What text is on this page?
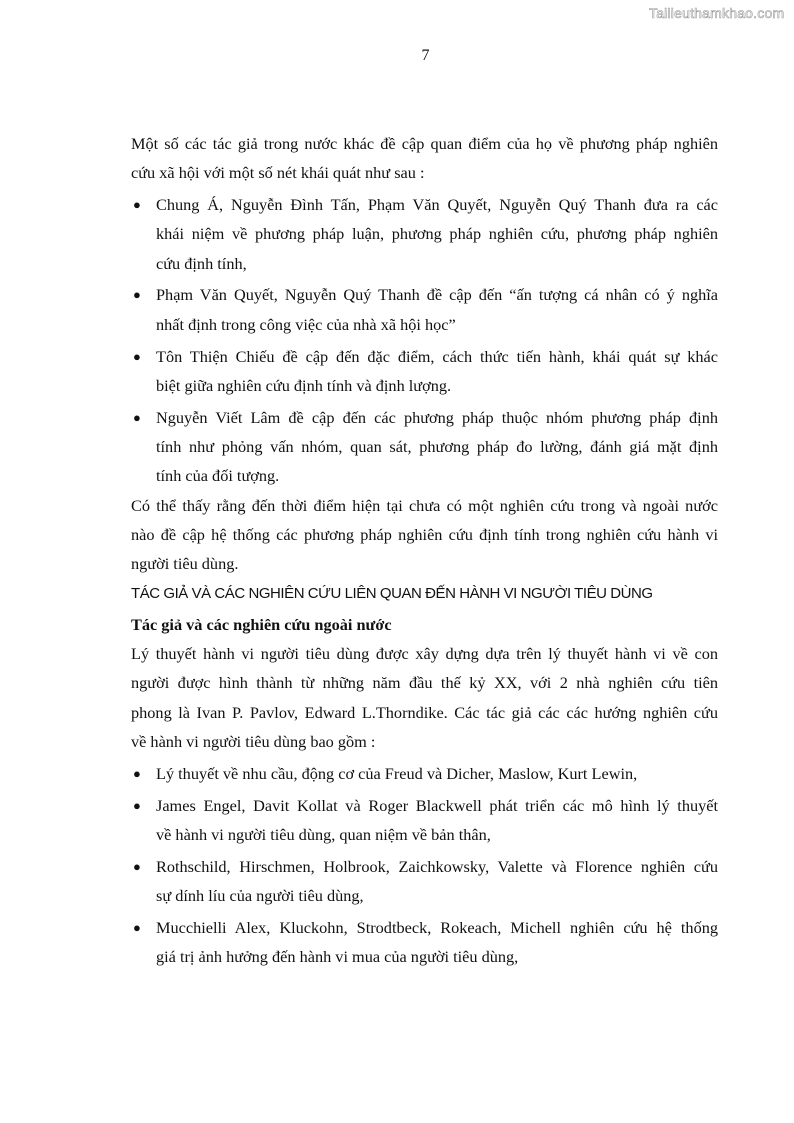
Tailieuthamkhao.com
7
Một số các tác giả trong nước khác đề cập quan điểm của họ về phương pháp nghiên
cứu xã hội với một số nét khái quát như sau :
● Chung Á, Nguyễn Đình Tấn, Phạm Văn Quyết, Nguyễn Quý Thanh đưa ra các
khái niệm về phương pháp luận, phương pháp nghiên cứu, phương pháp nghiên
cứu định tính,
● Phạm Văn Quyết, Nguyễn Quý Thanh đề cập đến “ấn tượng cá nhân có ý nghĩa
nhất định trong công việc của nhà xã hội học”
● Tôn Thiện Chiếu đề cập đến đặc điểm, cách thức tiến hành, khái quát sự khác
biệt giữa nghiên cứu định tính và định lượng.
● Nguyễn Viết Lâm đề cập đến các phương pháp thuộc nhóm phương pháp định
tính như phỏng vấn nhóm, quan sát, phương pháp đo lường, đánh giá mặt định
tính của đối tượng.
Có thể thấy rằng đến thời điểm hiện tại chưa có một nghiên cứu trong và ngoài nước
nào đề cập hệ thống các phương pháp nghiên cứu định tính trong nghiên cứu hành vi
người tiêu dùng.
TÁC GIẢ VÀ CÁC NGHIÊN CỨU LIÊN QUAN ĐẾN HÀNH VI NGƯỜI TIÊU DÙNG
Tác giả và các nghiên cứu ngoài nước
Lý thuyết hành vi người tiêu dùng được xây dựng dựa trên lý thuyết hành vi về con
người được hình thành từ những năm đầu thế kỷ XX, với 2 nhà nghiên cứu tiên
phong là Ivan P. Pavlov, Edward L.Thorndike. Các tác giả các các hướng nghiên cứu
về hành vi người tiêu dùng bao gồm :
● Lý thuyết về nhu cầu, động cơ của Freud và Dicher, Maslow, Kurt Lewin,
● James Engel, Davit Kollat và Roger Blackwell phát triển các mô hình lý thuyết
về hành vi người tiêu dùng, quan niệm về bản thân,
● Rothschild, Hirschmen, Holbrook, Zaichkowsky, Valette và Florence nghiên cứu
sự dính líu của người tiêu dùng,
● Mucchielli Alex, Kluckohn, Strodtbeck, Rokeach, Michell nghiên cứu hệ thống
giá trị ảnh hưởng đến hành vi mua của người tiêu dùng,
